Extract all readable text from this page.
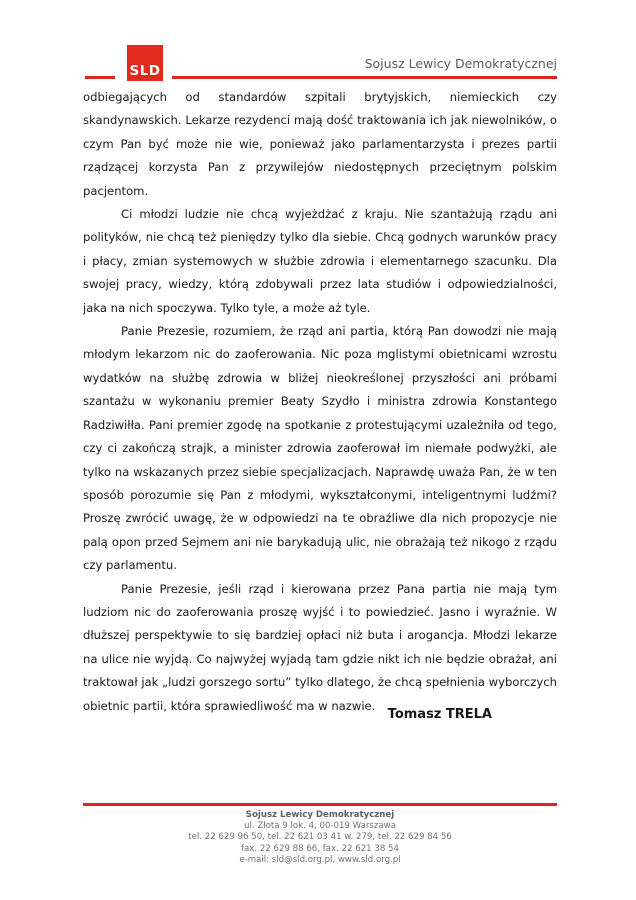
SLD	Sojusz Lewicy Demokratycznej

odbiegających od standardów szpitali brytyjskich, niemieckich czy skandynawskich. Lekarze rezydenci mają dość traktowania ich jak niewolników, o czym Pan być może nie wie, ponieważ jako parlamentarzysta i prezes partii rządzącej korzysta Pan z przywilejów niedostępnych przeciętnym polskim pacjentom.

Ci młodzi ludzie nie chcą wyjeżdżać z kraju. Nie szantażują rządu ani polityków, nie chcą też pieniędzy tylko dla siebie. Chcą godnych warunków pracy i płacy, zmian systemowych w służbie zdrowia i elementarnego szacunku. Dla swojej pracy, wiedzy, którą zdobywali przez lata studiów i odpowiedzialności, jaka na nich spoczywa. Tylko tyle, a może aż tyle.

Panie Prezesie, rozumiem, że rząd ani partia, którą Pan dowodzi nie mają młodym lekarzom nic do zaoferowania. Nic poza mglistymi obietnicami wzrostu wydatków na służbę zdrowia w bliżej nieokreślonej przyszłości ani próbami szantażu w wykonaniu premier Beaty Szydło i ministra zdrowia Konstantego Radziwiłła. Pani premier zgodę na spotkanie z protestującymi uzależniła od tego, czy ci zakończą strajk, a minister zdrowia zaoferował im niemałe podwyżki, ale tylko na wskazanych przez siebie specjalizacjach. Naprawdę uważa Pan, że w ten sposób porozumie się Pan z młodymi, wykształconymi, inteligentnymi ludźmi? Proszę zwrócić uwagę, że w odpowiedzi na te obraźliwe dla nich propozycje nie palą opon przed Sejmem ani nie barykadują ulic, nie obrażają też nikogo z rządu czy parlamentu.

Panie Prezesie, jeśli rząd i kierowana przez Pana partia nie mają tym ludziom nic do zaoferowania proszę wyjść i to powiedzieć. Jasno i wyraźnie. W dłuższej perspektywie to się bardziej opłaci niż buta i arogancja. Młodzi lekarze na ulice nie wyjdą. Co najwyżej wyjadą tam gdzie nikt ich nie będzie obrażał, ani traktował jak „ludzi gorszego sortu” tylko dlatego, że chcą spełnienia wyborczych obietnic partii, która sprawiedliwość ma w nazwie.

Tomasz TRELA
Sojusz Lewicy Demokratycznej
ul. Złota 9 lok. 4, 00-019 Warszawa
tel. 22 629 96 50, tel. 22 621 03 41 w. 279, tel. 22 629 84 56
fax. 22 629 88 66, fax. 22 621 38 54
e-mail: sld@sld.org.pl, www.sld.org.pl
